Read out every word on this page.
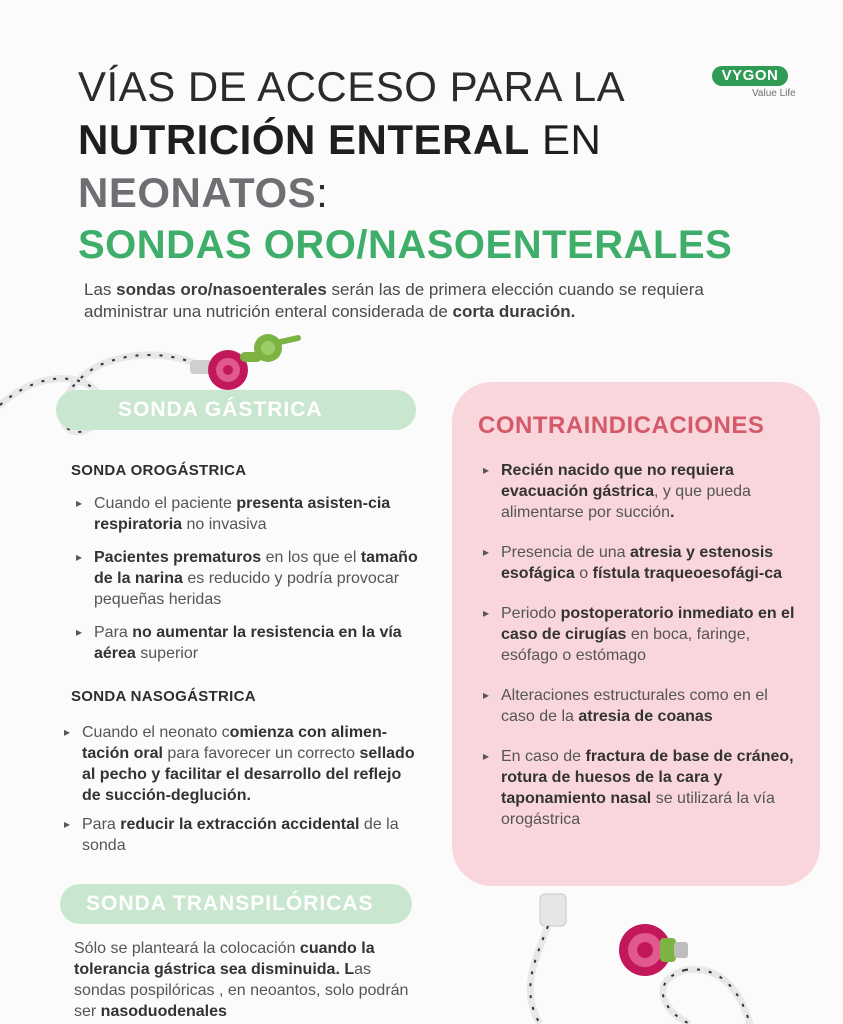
VÍAS DE ACCESO PARA LA
NUTRICIÓN ENTERAL EN
NEONATOS:
SONDAS ORO/NASOENTERALES
VYGON
Value Life
Las sondas oro/nasoenterales serán las de primera elección cuando se requiera administrar una nutrición enteral considerada de corta duración.
SONDA GÁSTRICA
SONDA OROGÁSTRICA
▸ Cuando el paciente presenta asisten-cia respiratoria no invasiva
▸ Pacientes prematuros en los que el tamaño de la narina es reducido y podría provocar pequeñas heridas
▸ Para no aumentar la resistencia en la vía aérea superior
SONDA NASOGÁSTRICA
▸ Cuando el neonato comienza con alimen-tación oral para favorecer un correcto sellado al pecho y facilitar el desarrollo del reflejo de succión-deglución.
▸ Para reducir la extracción accidental de la sonda
SONDA TRANSPILÓRICAS
Sólo se planteará la colocación cuando la tolerancia gástrica sea disminuida. Las sondas pospilóricas , en neoantos, solo podrán ser nasoduodenales
CONTRAINDICACIONES
▸ Recién nacido que no requiera evacuación gástrica, y que pueda alimentarse por succión.
▸ Presencia de una atresia y estenosis esofágica o fístula traqueoesofági-ca
▸ Periodo postoperatorio inmediato en el caso de cirugías en boca, faringe, esófago o estómago
▸ Alteraciones estructurales como en el caso de la atresia de coanas
▸ En caso de fractura de base de cráneo, rotura de huesos de la cara y taponamiento nasal se utilizará la vía orogástrica
